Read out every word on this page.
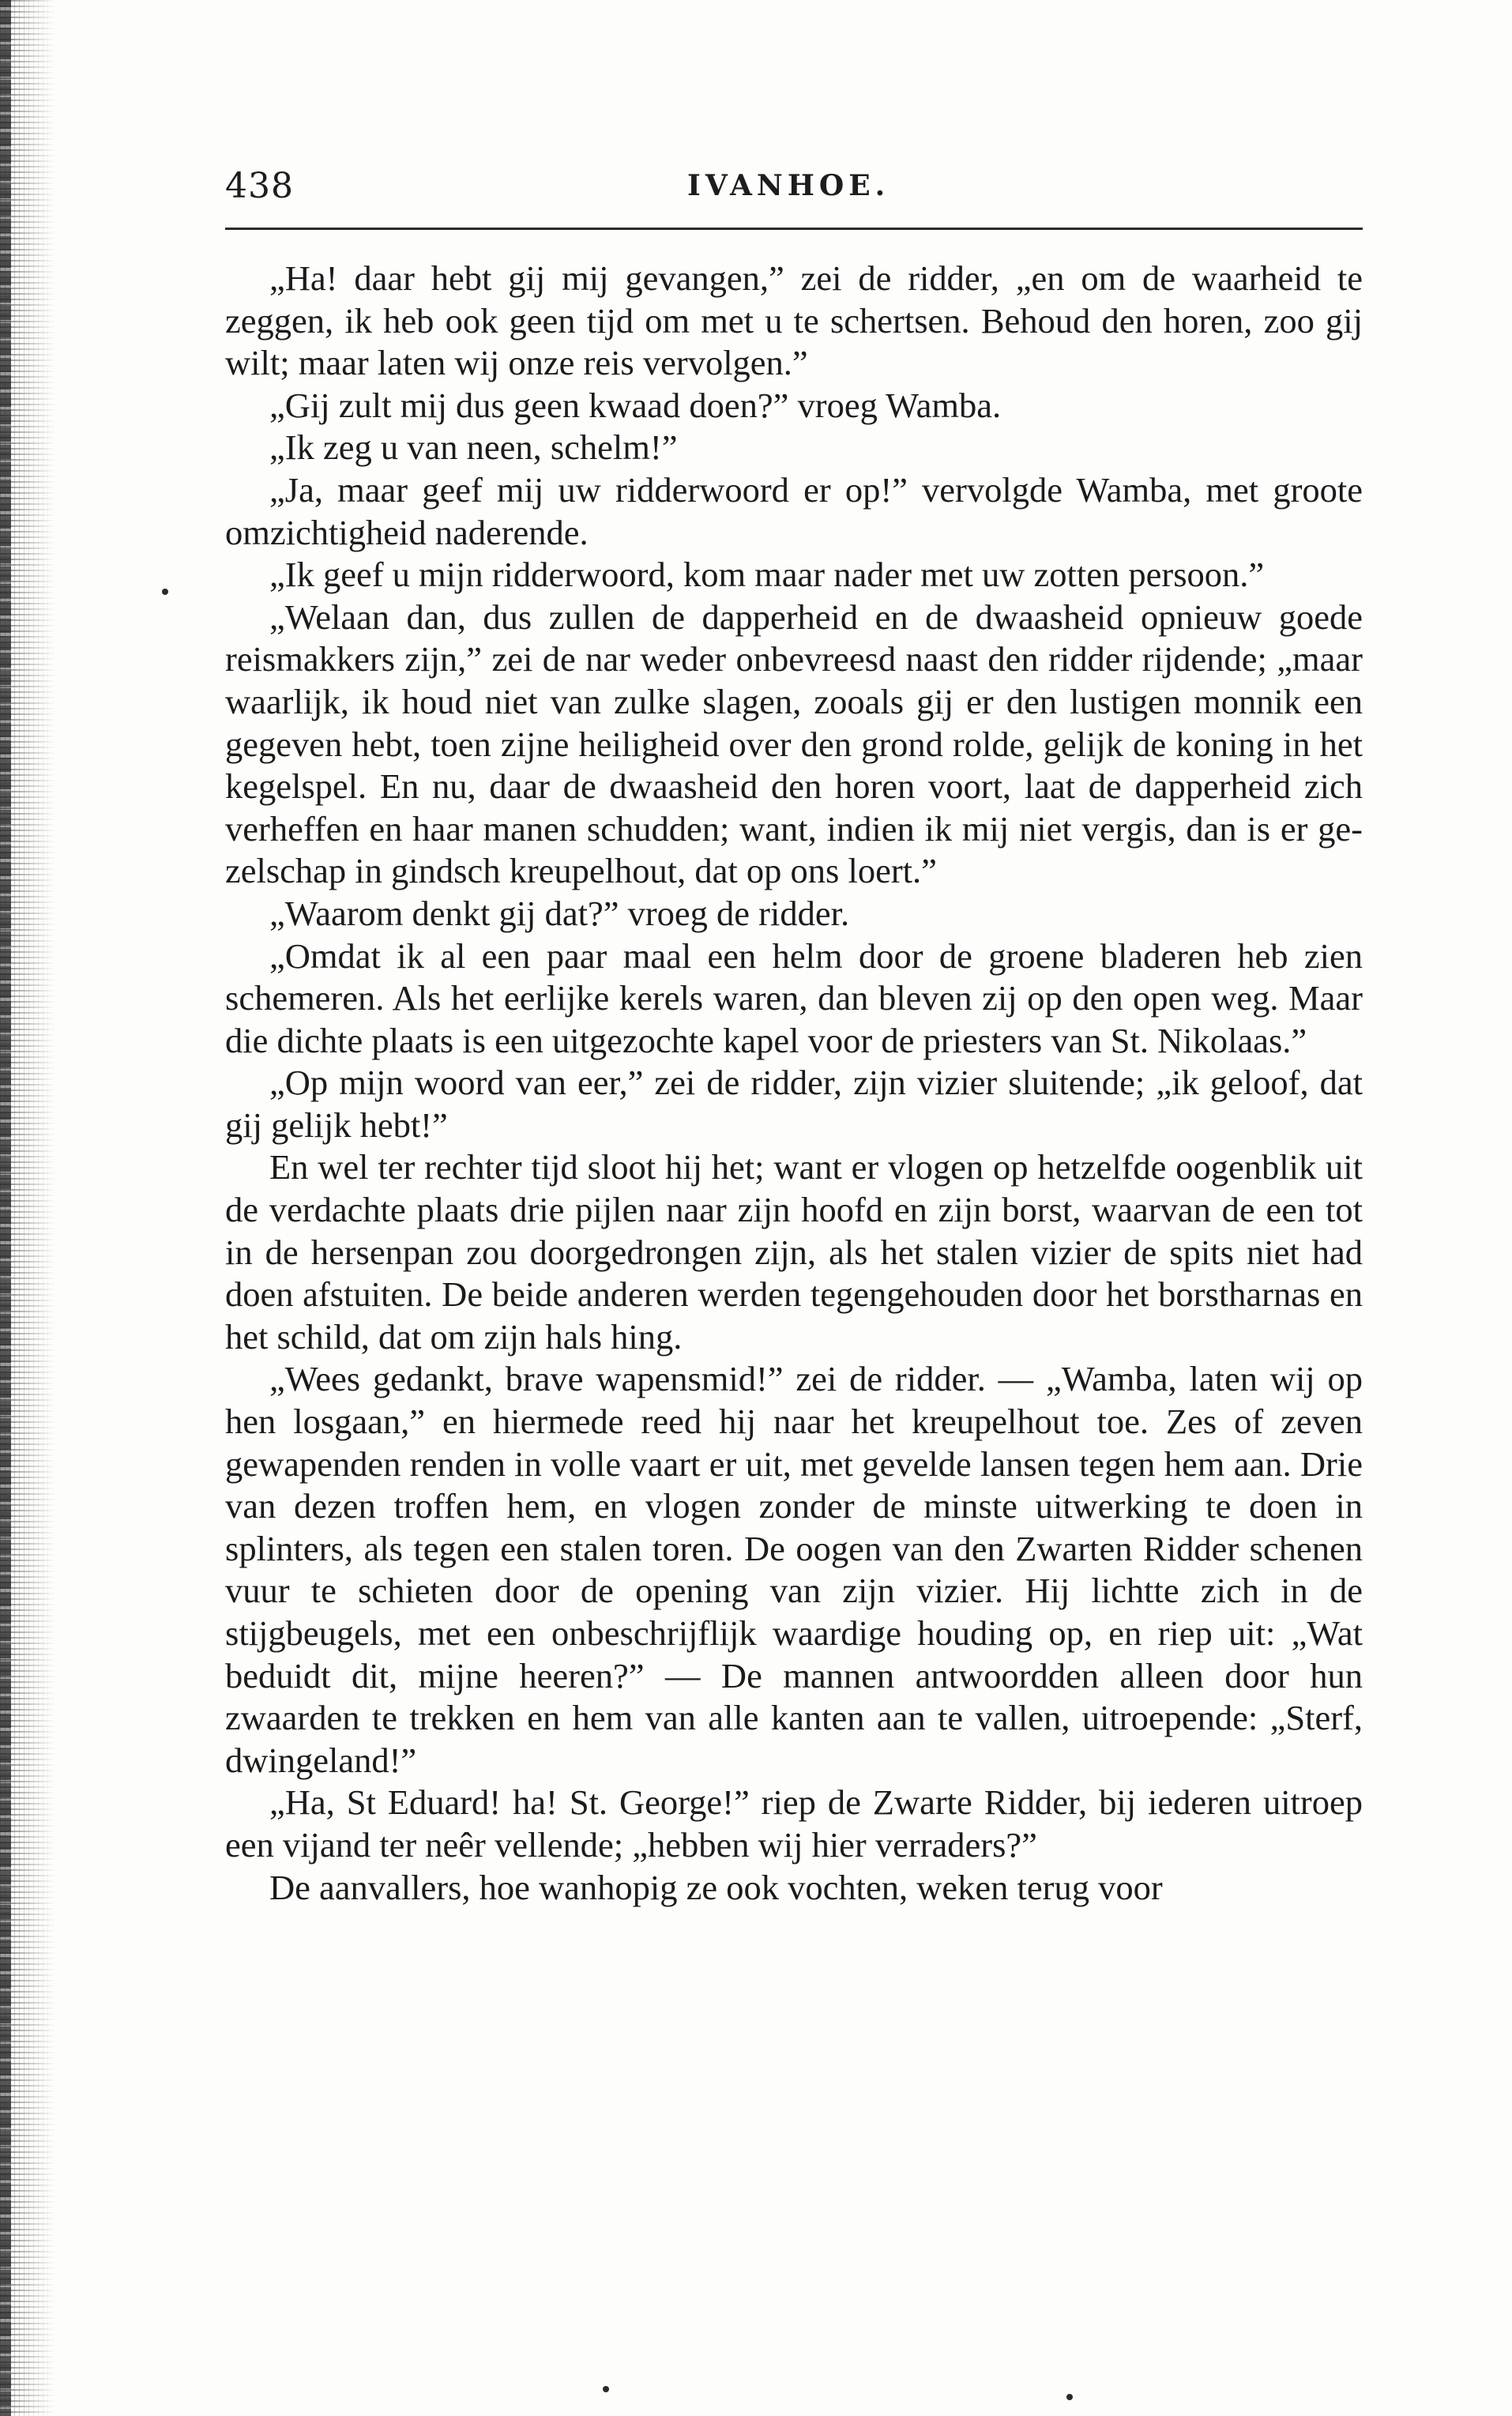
438	IVANHOE.

„Ha! daar hebt gij mij gevangen,” zei de ridder, „en om de waarheid te zeggen, ik heb ook geen tijd om met u te schertsen. Behoud den horen, zoo gij wilt; maar laten wij onze reis vervolgen.”

„Gij zult mij dus geen kwaad doen?” vroeg Wamba.

„Ik zeg u van neen, schelm!”

„Ja, maar geef mij uw ridderwoord er op!” vervolgde Wamba, met groote omzichtigheid naderende.

„Ik geef u mijn ridderwoord, kom maar nader met uw zotten persoon.”

„Welaan dan, dus zullen de dapperheid en de dwaasheid opnieuw goede reismakkers zijn,” zei de nar weder onbevreesd naast den ridder rijdende; „maar waarlijk, ik houd niet van zulke slagen, zooals gij er den lustigen monnik een gegeven hebt, toen zijne heiligheid over den grond rolde, gelijk de koning in het kegelspel. En nu, daar de dwaasheid den horen voort, laat de dapperheid zich verheffen en haar manen schudden; want, indien ik mij niet vergis, dan is er gezelschap in gindsch kreupelhout, dat op ons loert.”

„Waarom denkt gij dat?” vroeg de ridder.

„Omdat ik al een paar maal een helm door de groene bladeren heb zien schemeren. Als het eerlijke kerels waren, dan bleven zij op den open weg. Maar die dichte plaats is een uitgezochte kapel voor de priesters van St. Nikolaas.”

„Op mijn woord van eer,” zei de ridder, zijn vizier sluitende; „ik geloof, dat gij gelijk hebt!”

En wel ter rechter tijd sloot hij het; want er vlogen op hetzelfde oogenblik uit de verdachte plaats drie pijlen naar zijn hoofd en zijn borst, waarvan de een tot in de hersenpan zou doorgedrongen zijn, als het stalen vizier de spits niet had doen afstuiten. De beide anderen werden tegengehouden door het borstharnas en het schild, dat om zijn hals hing.

„Wees gedankt, brave wapensmid!” zei de ridder. — „Wamba, laten wij op hen losgaan,” en hiermede reed hij naar het kreupelhout toe. Zes of zeven gewapenden renden in volle vaart er uit, met gevelde lansen tegen hem aan. Drie van dezen troffen hem, en vlogen zonder de minste uitwerking te doen in splinters, als tegen een stalen toren. De oogen van den Zwarten Ridder schenen vuur te schieten door de opening van zijn vizier. Hij lichtte zich in de stijgbeugels, met een onbeschrijflijk waardige houding op, en riep uit: „Wat beduidt dit, mijne heeren?” — De mannen antwoordden alleen door hun zwaarden te trekken en hem van alle kanten aan te vallen, uitroepende: „Sterf, dwingeland!”

„Ha, St Eduard! ha! St. George!” riep de Zwarte Ridder, bij iederen uitroep een vijand ter neêr vellende; „hebben wij hier verraders?”

De aanvallers, hoe wanhopig ze ook vochten, weken terug voor
